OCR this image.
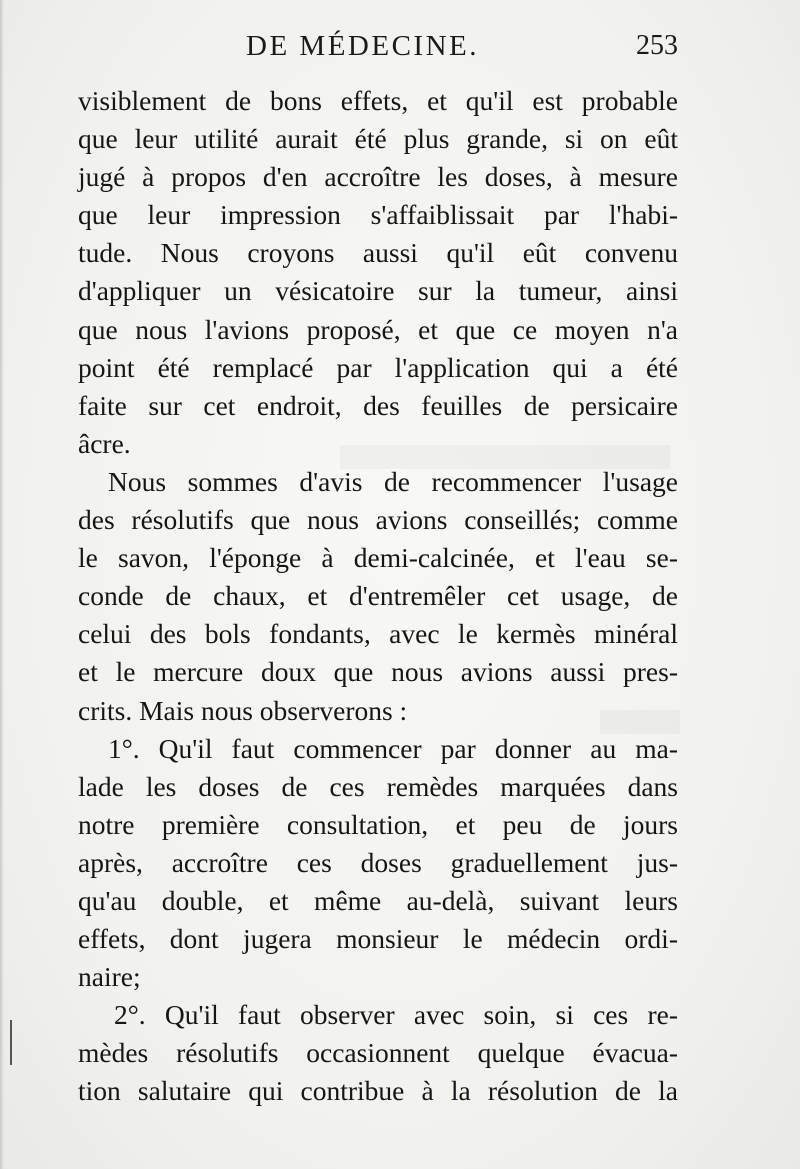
DE MÉDECINE.	253
visiblement de bons effets, et qu'il est probable
que leur utilité aurait été plus grande, si on eût
jugé à propos d'en accroître les doses, à mesure
que leur impression s'affaiblissait par l'habi-
tude. Nous croyons aussi qu'il eût convenu
d'appliquer un vésicatoire sur la tumeur, ainsi
que nous l'avions proposé, et que ce moyen n'a
point été remplacé par l'application qui a été
faite sur cet endroit, des feuilles de persicaire
âcre.
Nous sommes d'avis de recommencer l'usage
des résolutifs que nous avions conseillés; comme
le savon, l'éponge à demi-calcinée, et l'eau se-
conde de chaux, et d'entremêler cet usage, de
celui des bols fondants, avec le kermès minéral
et le mercure doux que nous avions aussi pres-
crits. Mais nous observerons :
1°. Qu'il faut commencer par donner au ma-
lade les doses de ces remèdes marquées dans
notre première consultation, et peu de jours
après, accroître ces doses graduellement jus-
qu'au double, et même au-delà, suivant leurs
effets, dont jugera monsieur le médecin ordi-
naire;
2°. Qu'il faut observer avec soin, si ces re-
mèdes résolutifs occasionnent quelque évacua-
tion salutaire qui contribue à la résolution de la
